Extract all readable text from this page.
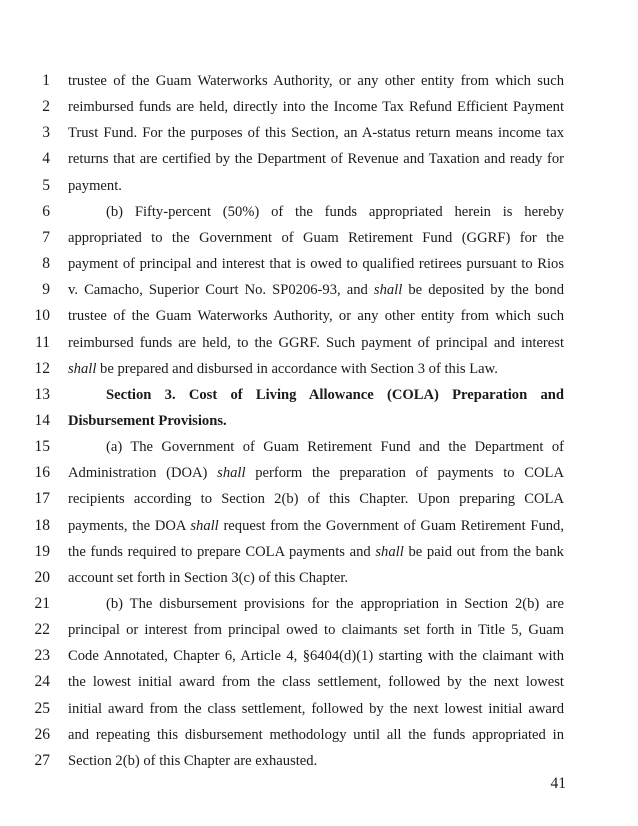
1 trustee of the Guam Waterworks Authority, or any other entity from which such
2 reimbursed funds are held, directly into the Income Tax Refund Efficient Payment
3 Trust Fund. For the purposes of this Section, an A-status return means income tax
4 returns that are certified by the Department of Revenue and Taxation and ready for
5 payment.
6	(b) Fifty-percent (50%) of the funds appropriated herein is hereby
7 appropriated to the Government of Guam Retirement Fund (GGRF) for the
8 payment of principal and interest that is owed to qualified retirees pursuant to Rios
9 v. Camacho, Superior Court No. SP0206-93, and shall be deposited by the bond
10 trustee of the Guam Waterworks Authority, or any other entity from which such
11 reimbursed funds are held, to the GGRF. Such payment of principal and interest
12 shall be prepared and disbursed in accordance with Section 3 of this Law.
13	Section 3. Cost of Living Allowance (COLA) Preparation and
14 Disbursement Provisions.
15	(a) The Government of Guam Retirement Fund and the Department of
16 Administration (DOA) shall perform the preparation of payments to COLA
17 recipients according to Section 2(b) of this Chapter. Upon preparing COLA
18 payments, the DOA shall request from the Government of Guam Retirement Fund,
19 the funds required to prepare COLA payments and shall be paid out from the bank
20 account set forth in Section 3(c) of this Chapter.
21	(b) The disbursement provisions for the appropriation in Section 2(b) are
22 principal or interest from principal owed to claimants set forth in Title 5, Guam
23 Code Annotated, Chapter 6, Article 4, §6404(d)(1) starting with the claimant with
24 the lowest initial award from the class settlement, followed by the next lowest
25 initial award from the class settlement, followed by the next lowest initial award
26 and repeating this disbursement methodology until all the funds appropriated in
27 Section 2(b) of this Chapter are exhausted.
41
